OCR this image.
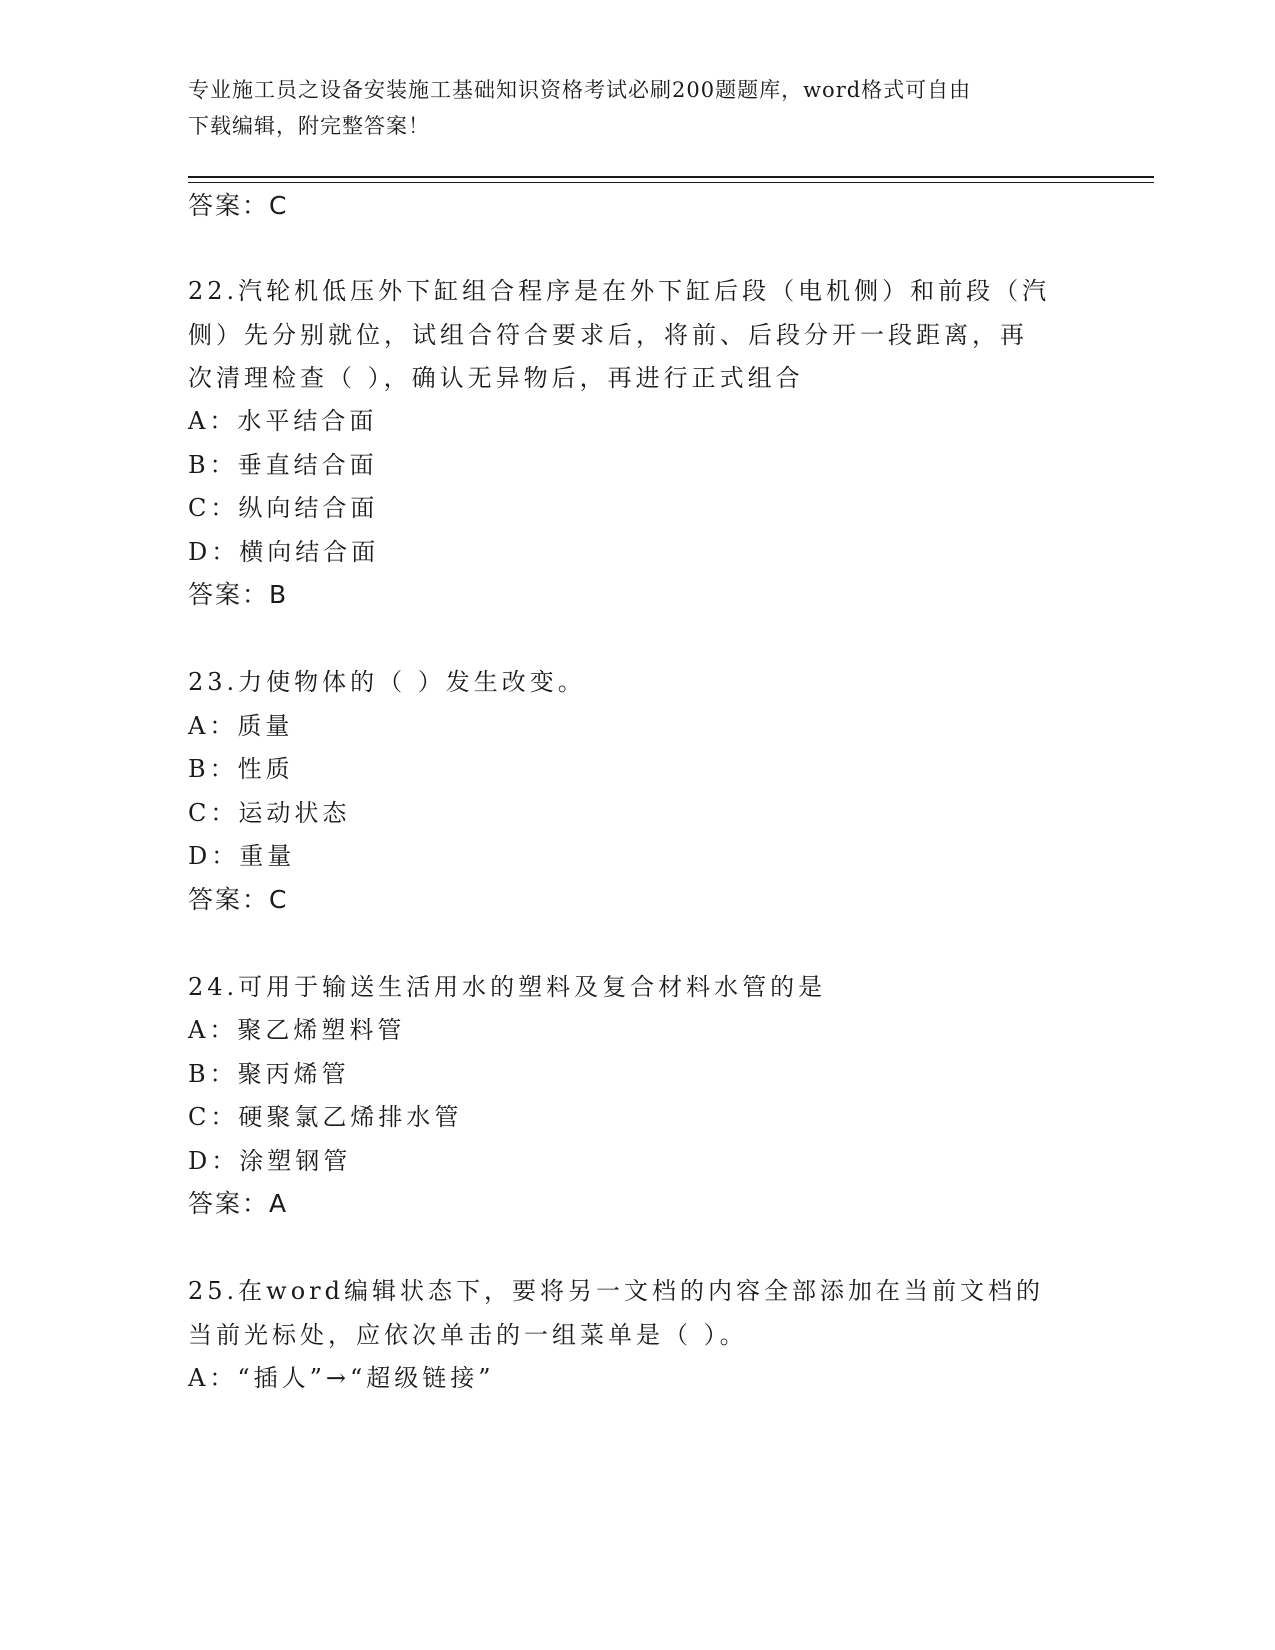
专业施工员之设备安装施工基础知识资格考试必刷200题题库，word格式可自由
下载编辑，附完整答案！
答案：C
22.汽轮机低压外下缸组合程序是在外下缸后段（电机侧）和前段（汽
侧）先分别就位，试组合符合要求后，将前、后段分开一段距离，再
次清理检查（ ），确认无异物后，再进行正式组合
A：水平结合面
B：垂直结合面
C：纵向结合面
D：横向结合面
答案：B
23.力使物体的（ ）发生改变。
A：质量
B：性质
C：运动状态
D：重量
答案：C
24.可用于输送生活用水的塑料及复合材料水管的是
A：聚乙烯塑料管
B：聚丙烯管
C：硬聚氯乙烯排水管
D：涂塑钢管
答案：A
25.在word编辑状态下，要将另一文档的内容全部添加在当前文档的
当前光标处，应依次单击的一组菜单是（ ）。
A：“插人”→“超级链接”
